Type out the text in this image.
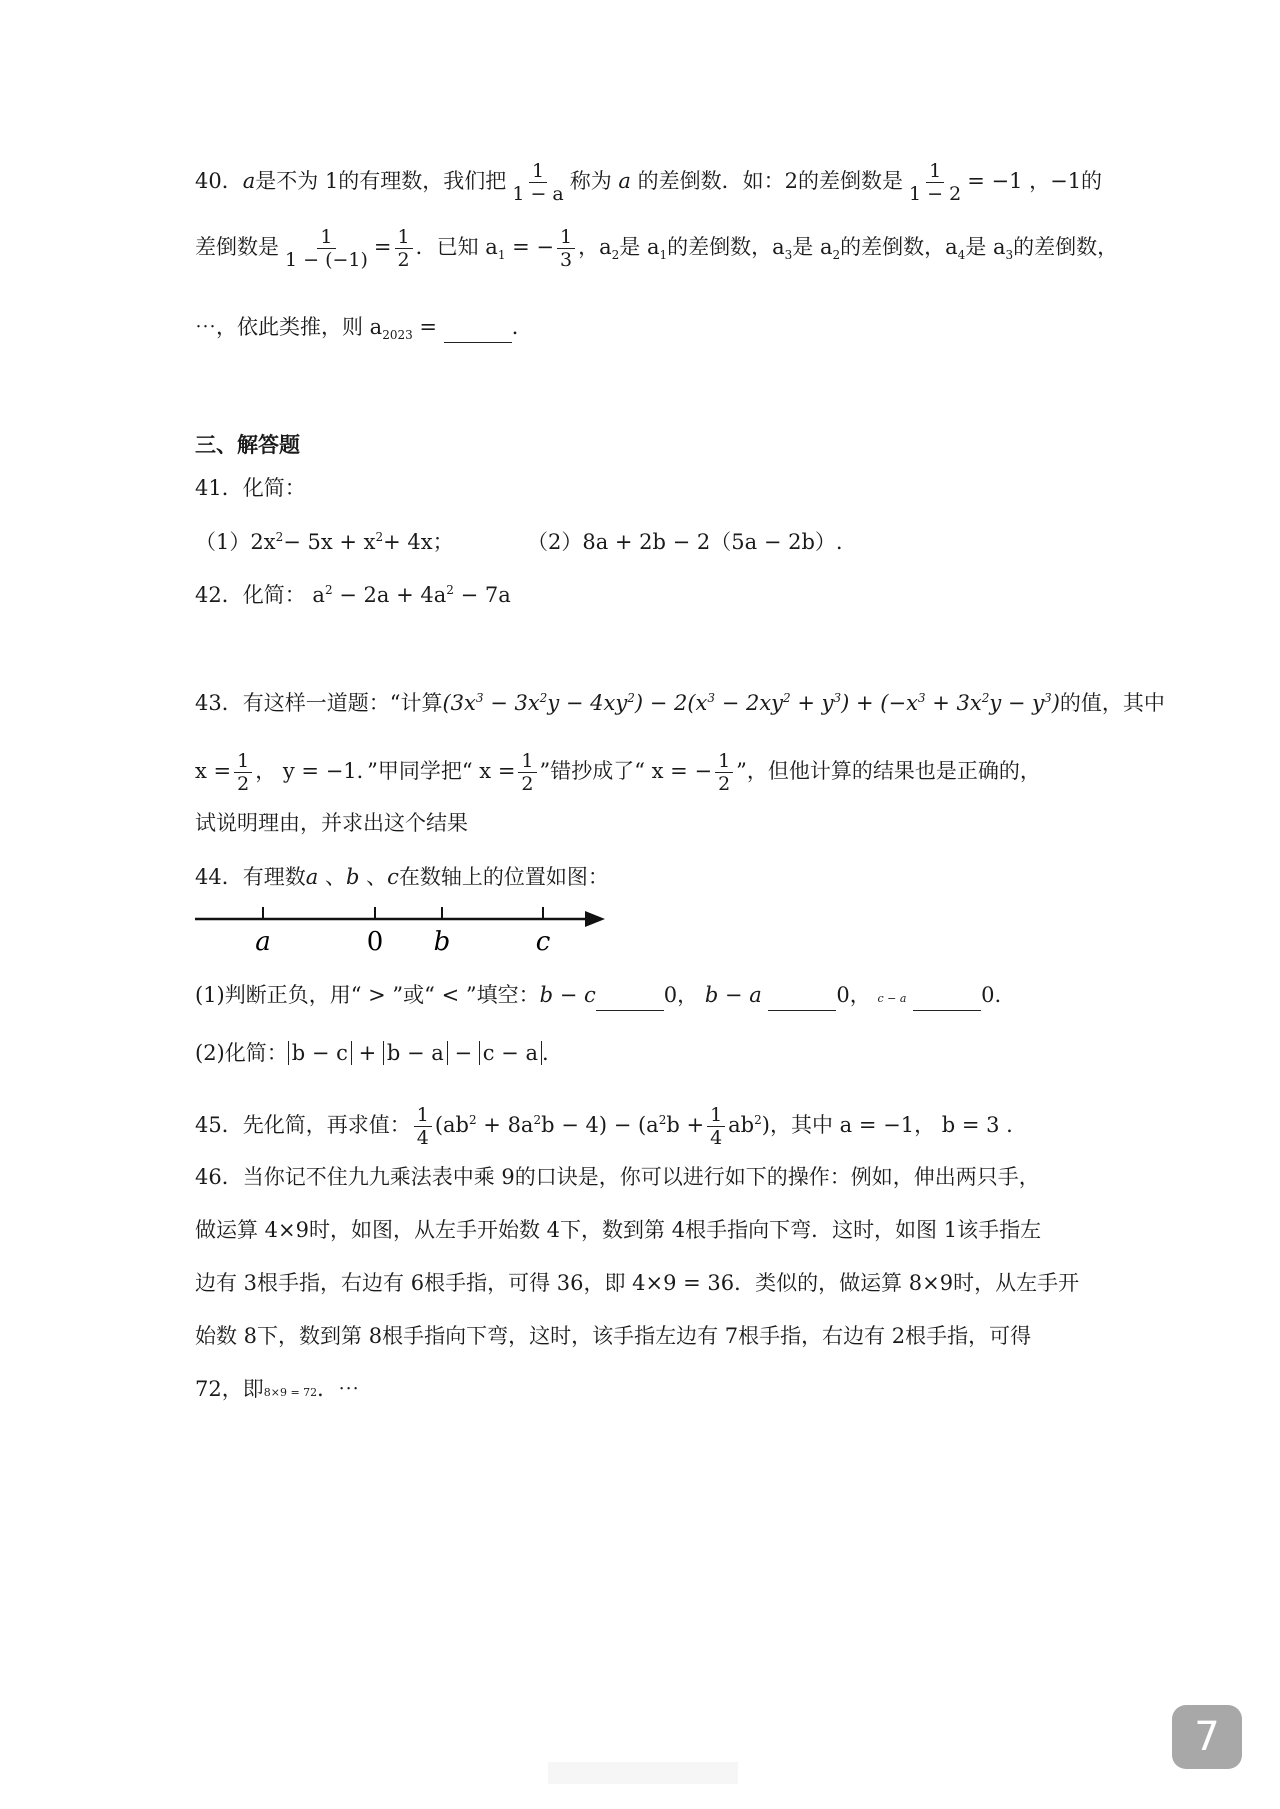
40．a是不为 1的有理数，我们把 $\frac{1}{1 - a}$ 称为 a 的差倒数．如：2的差倒数是 $\frac{1}{1 - 2} = -1$ ，−1的
差倒数是 $\frac{1}{1 - (-1)} = \frac{1}{2}$ ．已知 $a_1$ = − $\frac{1}{3}$ ，$a_2$是 $a_1$的差倒数，$a_3$是 $a_2$的差倒数，$a_4$是 $a_3$的差倒数，
⋯，依此类推，则 $a_{2023}$ =	．
三、解答题
41．化简：
$(1)2x^2- 5x + x^2+ 4x$；	（2）8a + 2b − 2（5a − 2b）.
42．化简： $a^2 - 2a + 4a^2 - 7a$
43．有这样一道题：“计算$(3x^3 - 3x^2y - 4xy^2) - 2(x^3 - 2xy^2 + y^3) + (-x^3 + 3x^2y - y^3)$的值，其中
$x = \frac{1}{2}$ ， y = −1．”甲同学把“ $x = \frac{1}{2}$ ”错抄成了“ x = − $\frac{1}{2}$ ”，但他计算的结果也是正确的，
试说明理由，并求出这个结果
44．有理数a 、b 、c在数轴上的位置如图：
a	0 b	c
(1)判断正负，用“ > ”或“ < ”填空：b − c	0， b − a	0， c − a	0.
(2)化简： b − c + b − a − c − a .
45．先化简，再求值： $\frac{1}{4} (ab^2 + 8a^2b - 4) - (a^2b + \frac{1}{4} ab^2)$，其中 a = −1， b = 3 .
46．当你记不住九九乘法表中乘 9的口诀是，你可以进行如下的操作：例如，伸出两只手，
做运算 4×9时，如图，从左手开始数 4下，数到第 4根手指向下弯．这时，如图 1该手指左
边有 3根手指，右边有 6根手指，可得 36，即 4×9 = 36．类似的，做运算 8×9时，从左手开
始数 8下，数到第 8根手指向下弯，这时，该手指左边有 7根手指，右边有 2根手指，可得
72，即8×9 = 72．⋯
7
